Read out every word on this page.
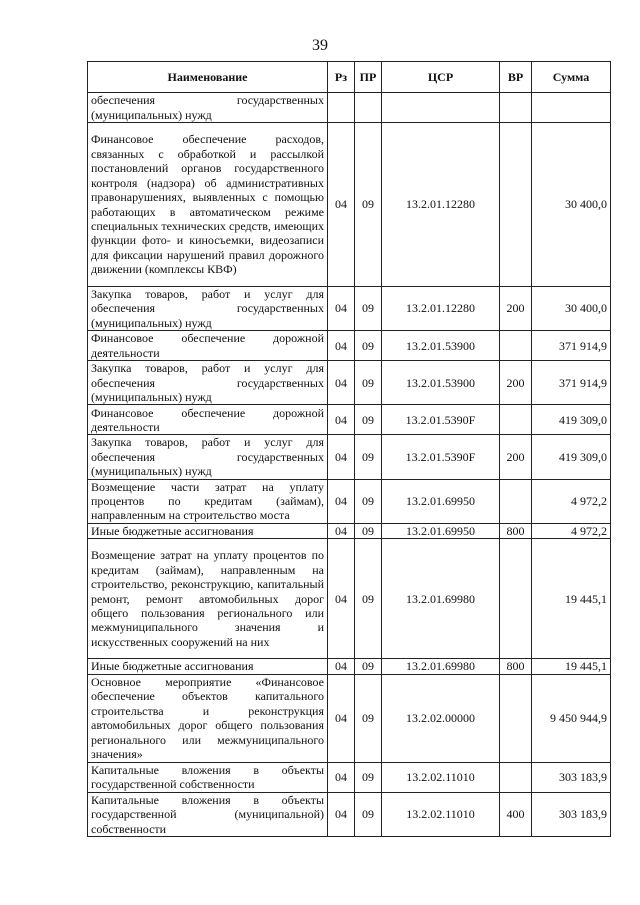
39
Наименование	Рз	ПР	ЦСР	ВР	Сумма
обеспечения государственных (муниципальных) нужд					
Финансовое обеспечение расходов, связанных с обработкой и рассылкой постановлений органов государственного контроля (надзора) об административных правонарушениях, выявленных с помощью работающих в автоматическом режиме специальных технических средств, имеющих функции фото- и киносъемки, видеозаписи для фиксации нарушений правил дорожного движении (комплексы КВФ)	04	09	13.2.01.12280		30 400,0
Закупка товаров, работ и услуг для обеспечения государственных (муниципальных) нужд	04	09	13.2.01.12280	200	30 400,0
Финансовое обеспечение дорожной деятельности	04	09	13.2.01.53900		371 914,9
Закупка товаров, работ и услуг для обеспечения государственных (муниципальных) нужд	04	09	13.2.01.53900	200	371 914,9
Финансовое обеспечение дорожной деятельности	04	09	13.2.01.5390F		419 309,0
Закупка товаров, работ и услуг для обеспечения государственных (муниципальных) нужд	04	09	13.2.01.5390F	200	419 309,0
Возмещение части затрат на уплату процентов по кредитам (займам), направленным на строительство моста	04	09	13.2.01.69950		4 972,2
Иные бюджетные ассигнования	04	09	13.2.01.69950	800	4 972,2
Возмещение затрат на уплату процентов по кредитам (займам), направленным на строительство, реконструкцию, капитальный ремонт, ремонт автомобильных дорог общего пользования регионального или межмуниципального значения и искусственных сооружений на них	04	09	13.2.01.69980		19 445,1
Иные бюджетные ассигнования	04	09	13.2.01.69980	800	19 445,1
Основное мероприятие «Финансовое обеспечение объектов капитального строительства и реконструкция автомобильных дорог общего пользования регионального или межмуниципального значения»	04	09	13.2.02.00000		9 450 944,9
Капитальные вложения в объекты государственной собственности	04	09	13.2.02.11010		303 183,9
Капитальные вложения в объекты государственной (муниципальной) собственности	04	09	13.2.02.11010	400	303 183,9
